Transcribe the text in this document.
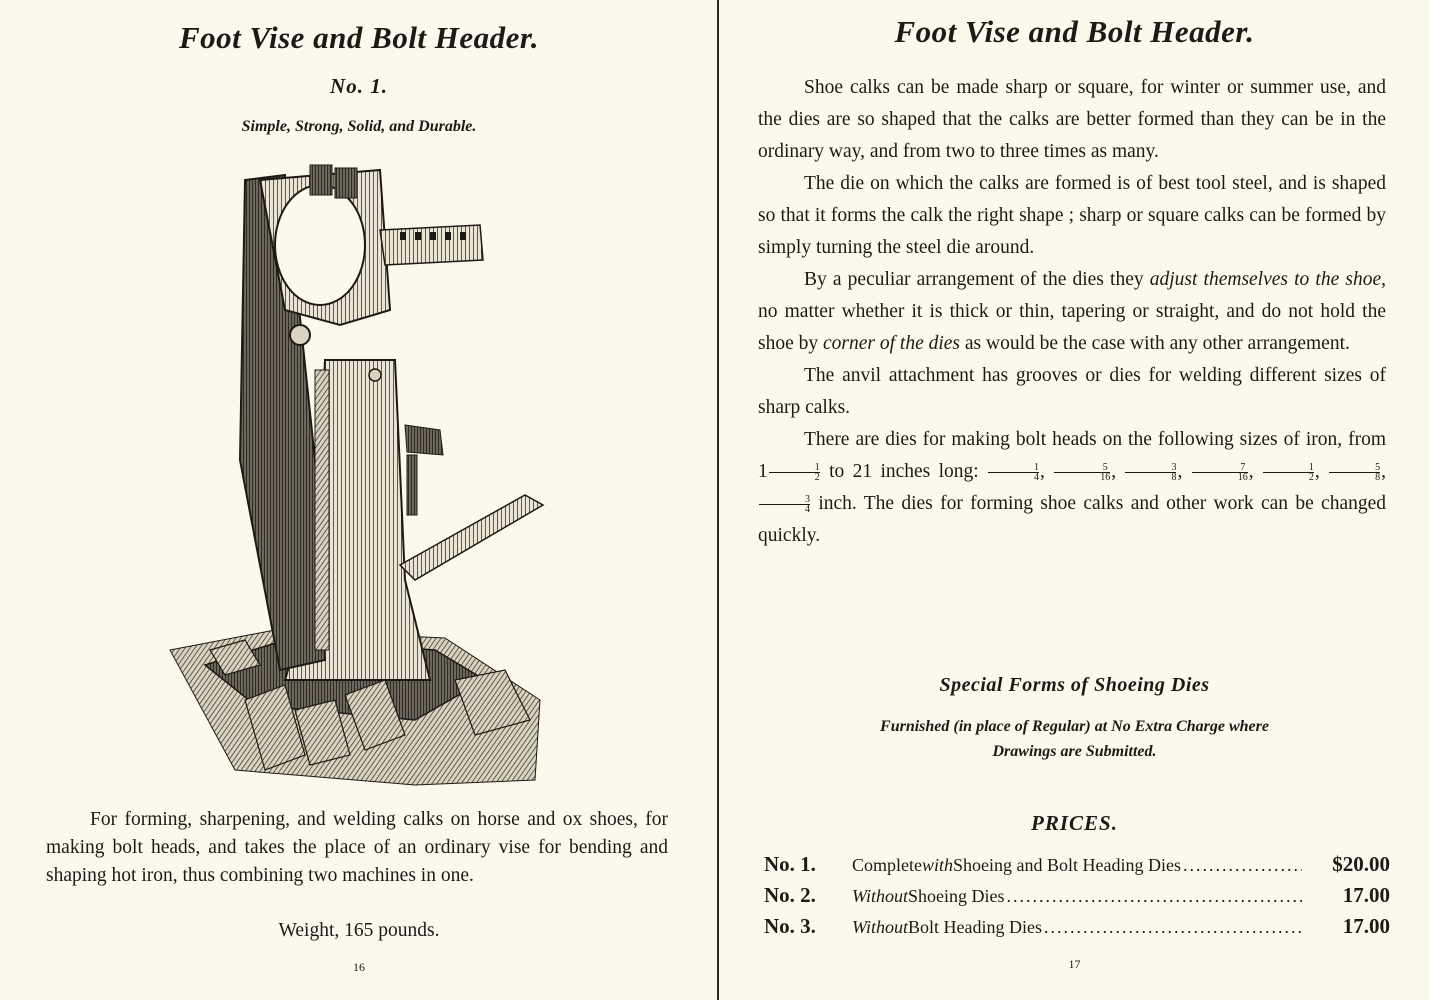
Foot Vise and Bolt Header.
No. 1.
Simple, Strong, Solid, and Durable.

For forming, sharpening, and welding calks on horse and ox shoes, for making bolt heads, and takes the place of an ordinary vise for bending and shaping hot iron, thus combining two machines in one.

Weight, 165 pounds.
16
Foot Vise and Bolt Header.

Shoe calks can be made sharp or square, for winter or summer use, and the dies are so shaped that the calks are better formed than they can be in the ordinary way, and from two to three times as many.

The die on which the calks are formed is of best tool steel, and is shaped so that it forms the calk the right shape ; sharp or square calks can be formed by simply turning the steel die around.

By a peculiar arrangement of the dies they adjust themselves to the shoe, no matter whether it is thick or thin, tapering or straight, and do not hold the shoe by corner of the dies as would be the case with any other arrangement.

The anvil attachment has grooves or dies for welding different sizes of sharp calks.

There are dies for making bolt heads on the following sizes of iron, from $1 \frac{1}{2}$ to 21 inches long: $\frac{1}{4}$ , $\frac{5}{16}$ , $\frac{3}{8}$ , $\frac{7}{16}$ , $\frac{1}{2}$ , $\frac{5}{8}$ ,
$\frac{3}{4}$ inch. The dies for forming shoe calks and other work can be changed quickly.

Special Forms of Shoeing Dies
Furnished (in place of Regular) at No Extra Charge where
Drawings are Submitted.
PRICES.
No. 1.	Complete with Shoeing and Bolt Heading Dies .....	$20.00
No. 2.	Without Shoeing Dies .....	17.00
No. 3.	Without Bolt Heading Dies .....	17.00
17
